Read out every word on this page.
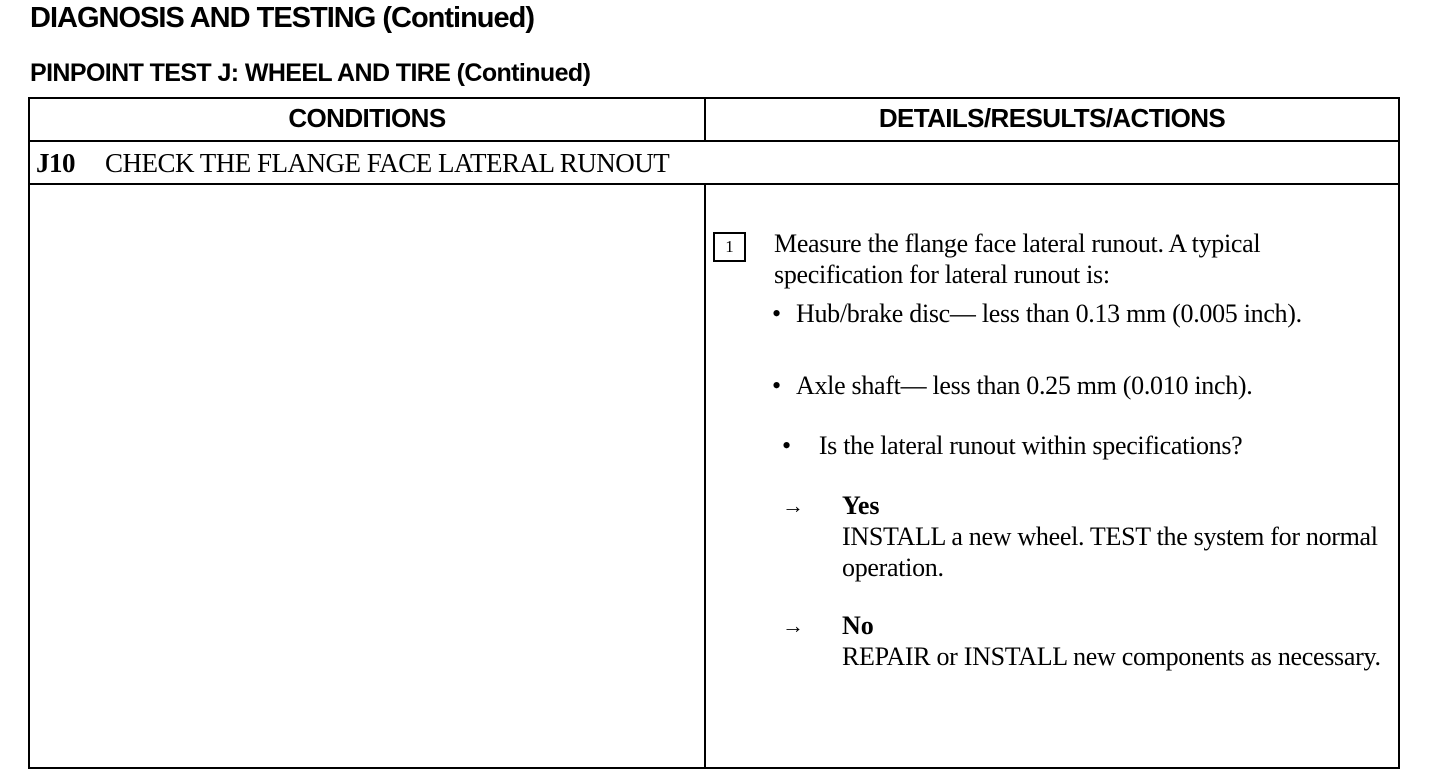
DIAGNOSIS AND TESTING (Continued)
PINPOINT TEST J: WHEEL AND TIRE (Continued)
CONDITIONS	DETAILS/RESULTS/ACTIONS
J10 CHECK THE FLANGE FACE LATERAL RUNOUT
1	Measure the flange face lateral runout. A typical specification for lateral runout is:
• Hub/brake disc— less than 0.13 mm (0.005 inch).
• Axle shaft— less than 0.25 mm (0.010 inch).
• Is the lateral runout within specifications?
→ Yes
INSTALL a new wheel. TEST the system for normal operation.
→ No
REPAIR or INSTALL new components as necessary.
